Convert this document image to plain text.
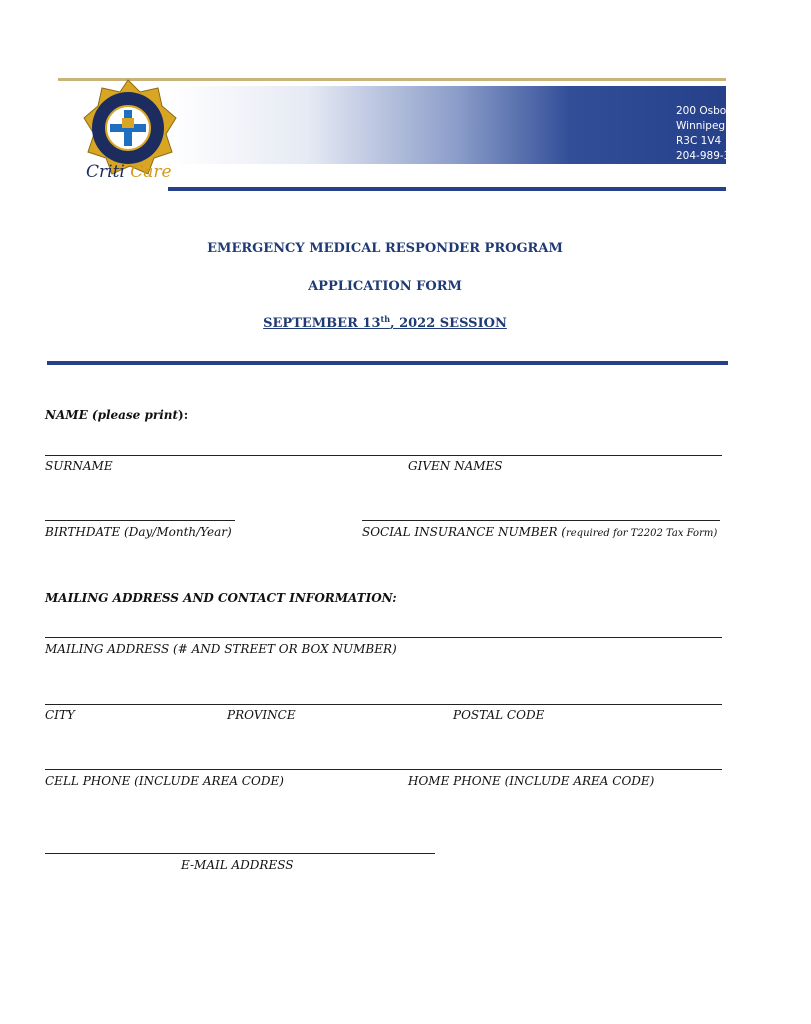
200 Osborne Street North
Winnipeg, MB, Canada
R3C 1V4
204-989-3671
Criti Care
EMERGENCY MEDICAL RESPONDER PROGRAM
APPLICATION FORM
SEPTEMBER 13th, 2022 SESSION
NAME (please print):
SURNAME	GIVEN NAMES
BIRTHDATE (Day/Month/Year)	SOCIAL INSURANCE NUMBER (required for T2202 Tax Form)
MAILING ADDRESS AND CONTACT INFORMATION:
MAILING ADDRESS (# AND STREET OR BOX NUMBER)
CITY	PROVINCE	POSTAL CODE
CELL PHONE (INCLUDE AREA CODE)	HOME PHONE (INCLUDE AREA CODE)
E-MAIL ADDRESS
